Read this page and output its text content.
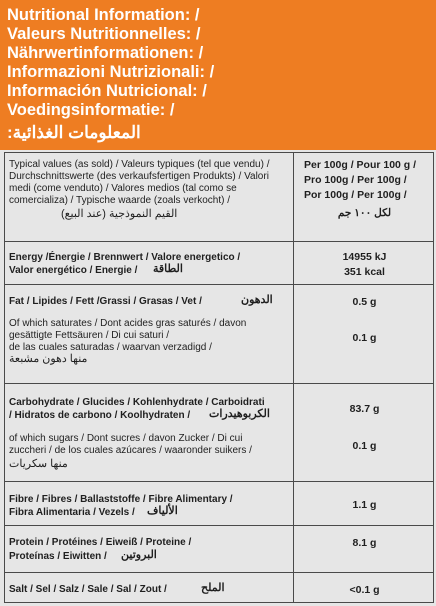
Nutritional Information: /
Valeurs Nutritionnelles: /
Nährwertinformationen: /
Informazioni Nutrizionali: /
Información Nutricional: /
Voedingsinformatie: /
المعلومات الغذائية:
Typical values (as sold) / Valeurs typiques (tel que vendu) /
Durchschnittswerte (des verkaufsfertigen Produkts) / Valori
medi (come venduto) / Valores medios (tal como se
comercializa) / Typische waarde (zoals verkocht) /
القيم النموذجية (عند البيع)
Per 100g / Pour 100 g /
Pro 100g / Per 100g /
Por 100g / Per 100g /
لكل ١٠٠ جم
Energy /Énergie / Brennwert / Valore energetico /
Valor energético / Energie / الطاقة
14955 kJ
351 kcal
Fat / Lipides / Fett /Grassi / Grasas / Vet /	الدهون	0.5 g
Of which saturates / Dont acides gras saturés / davon
gesättigte Fettsäuren / Di cui saturi /
de las cuales saturadas / waarvan verzadigd /
منها دهون مشبعة
0.1 g
Carbohydrate / Glucides / Kohlenhydrate / Carboidrati
/ Hidratos de carbono / Koolhydraten / الكربوهيدرات	83.7 g
of which sugars / Dont sucres / davon Zucker / Di cui
zuccheri / de los cuales azúcares / waaronder suikers /
منها سكريات
0.1 g
Fibre / Fibres / Ballaststoffe / Fibre Alimentary /
Fibra Alimentaria / Vezels / الألياف	1.1 g
Protein / Protéines / Eiweiß / Proteine /
Proteínas / Eiwitten / البروتين
8.1 g
Salt / Sel / Salz / Sale / Sal / Zout /	الملح	<0.1 g
